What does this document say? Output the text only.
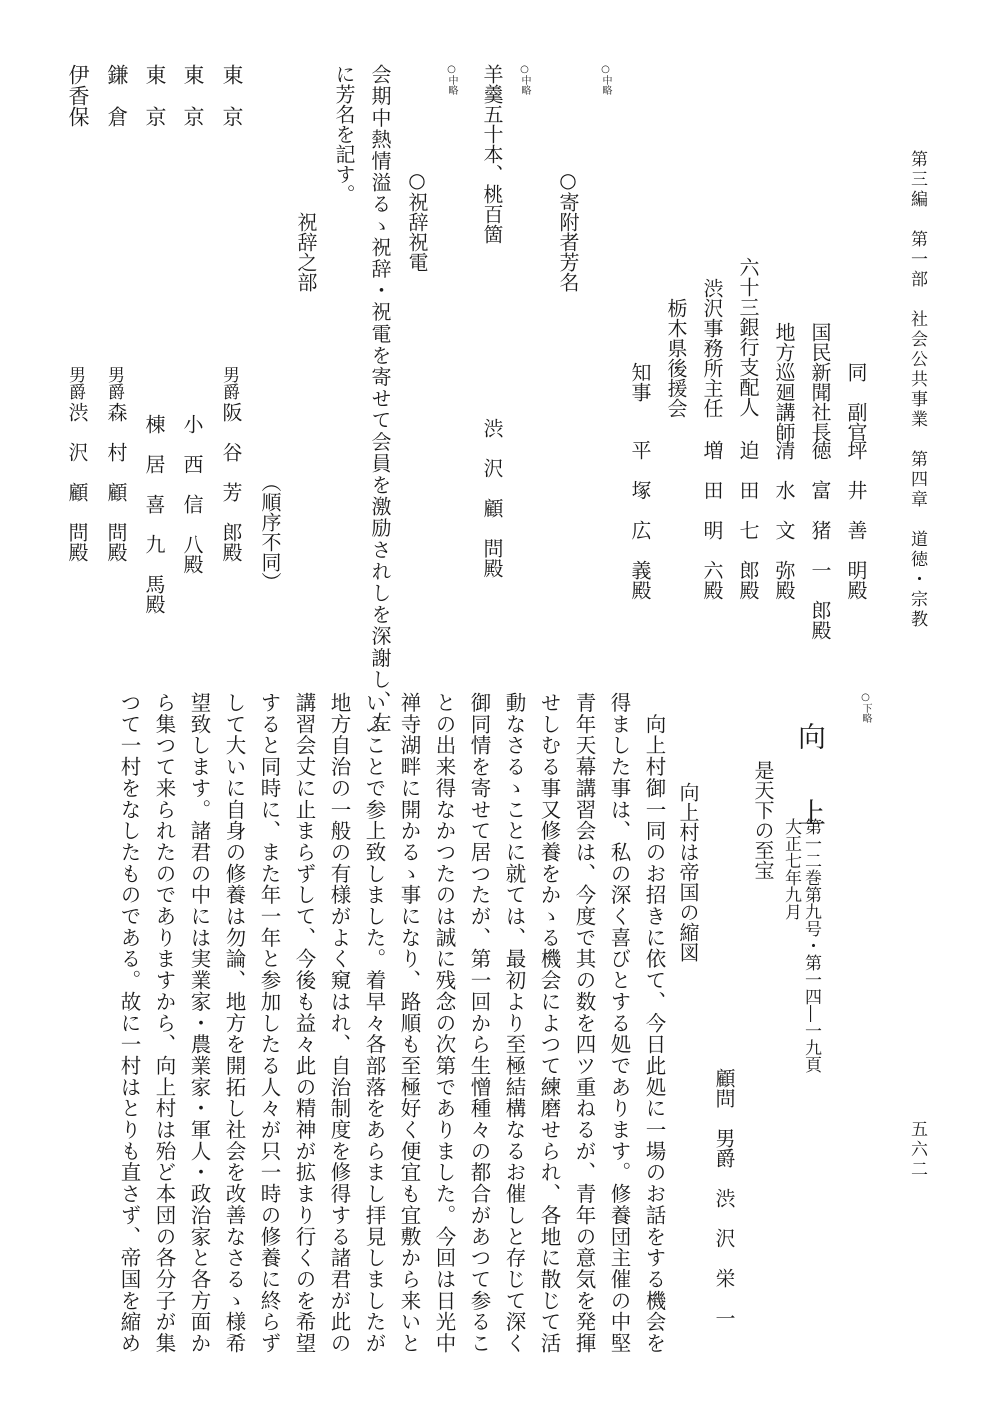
第三編　第一部　社会公共事業　第四章　道徳・宗教
五六二
同　副官
坪　井　善　明殿
国民新聞社長
徳　富　猪　一　郎殿
地方巡廻講師
清　水　文　弥殿
六十三銀行支配人
迫　田　七　郎殿
渋沢事務所主任
増　田　明　六殿
栃木県後援会
知事
平　塚　広　義殿
○中略
○寄附者芳名
○中略
羊羹五十本、桃百箇
渋　沢　顧　問殿
○中略
○祝辞祝電
会期中熱情溢るゝ祝辞・祝電を寄せて会員を激励されしを深謝し、左
に芳名を記す。
祝辞之部
（順序不同）
東　京
男爵
阪　谷　芳　郎殿
東　京
小　西　信　八殿
東　京
棟　居　喜　九　馬殿
鎌　倉
男爵
森　村　顧　問殿
伊香保
男爵
渋　沢　顧　問殿
○下略
向　上
第一二巻第九号・第一四―一九頁
大正七年九月
是天下の至宝
顧問　男爵　渋　沢　栄　一
向上村は帝国の縮図
　向上村御一同のお招きに依て、今日此処に一場のお話をする機会を
得ました事は、私の深く喜びとする処であります。修養団主催の中堅
青年天幕講習会は、今度で其の数を四ツ重ねるが、青年の意気を発揮
せしむる事又修養をかゝる機会によつて練磨せられ、各地に散じて活
動なさるゝことに就ては、最初より至極結構なるお催しと存じて深く
御同情を寄せて居つたが、第一回から生憎種々の都合があつて参るこ
との出来得なかつたのは誠に残念の次第でありました。今回は日光中
禅寺湖畔に開かるゝ事になり、路順も至極好く便宜も宜敷から来いと
いふことで参上致しました。着早々各部落をあらまし拝見しましたが
地方自治の一般の有様がよく窺はれ、自治制度を修得する諸君が此の
講習会丈に止まらずして、今後も益々此の精神が拡まり行くのを希望
すると同時に、また年一年と参加したる人々が只一時の修養に終らず
して大いに自身の修養は勿論、地方を開拓し社会を改善なさるゝ様希
望致します。諸君の中には実業家・農業家・軍人・政治家と各方面か
ら集つて来られたのでありますから、向上村は殆ど本団の各分子が集
つて一村をなしたものである。故に一村はとりも直さず、帝国を縮め
